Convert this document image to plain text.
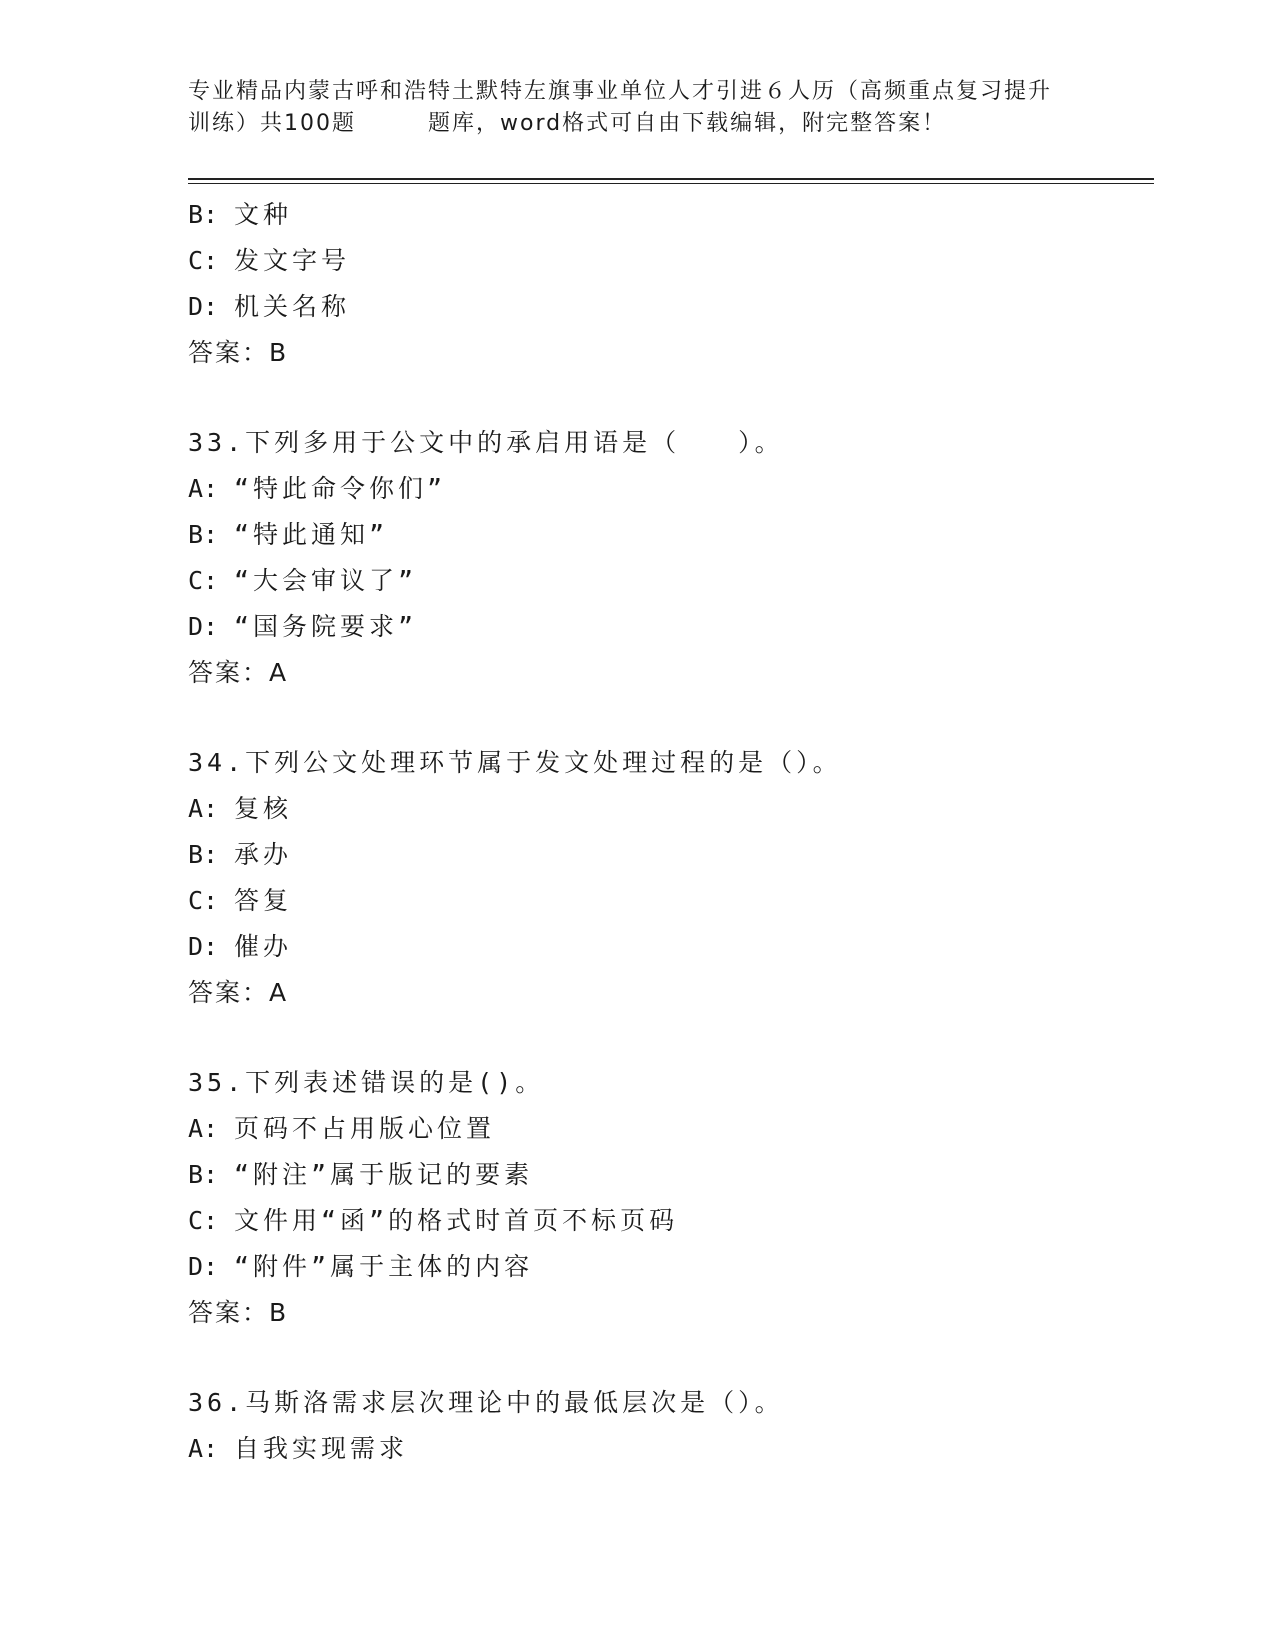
专业精品内蒙古呼和浩特土默特左旗事业单位人才引进６人历（高频重点复习提升
训练）共100题	题库，word格式可自由下载编辑，附完整答案！
B: 文种
C: 发文字号
D: 机关名称
答案：B
33.下列多用于公文中的承启用语是（　　）。
A: “特此命令你们”
B: “特此通知”
C: “大会审议了”
D: “国务院要求”
答案：A
34.下列公文处理环节属于发文处理过程的是（）。
A: 复核
B: 承办
C: 答复
D: 催办
答案：A
35.下列表述错误的是()。
A: 页码不占用版心位置
B: “附注”属于版记的要素
C: 文件用“函”的格式时首页不标页码
D: “附件”属于主体的内容
答案：B
36.马斯洛需求层次理论中的最低层次是（）。
A: 自我实现需求
